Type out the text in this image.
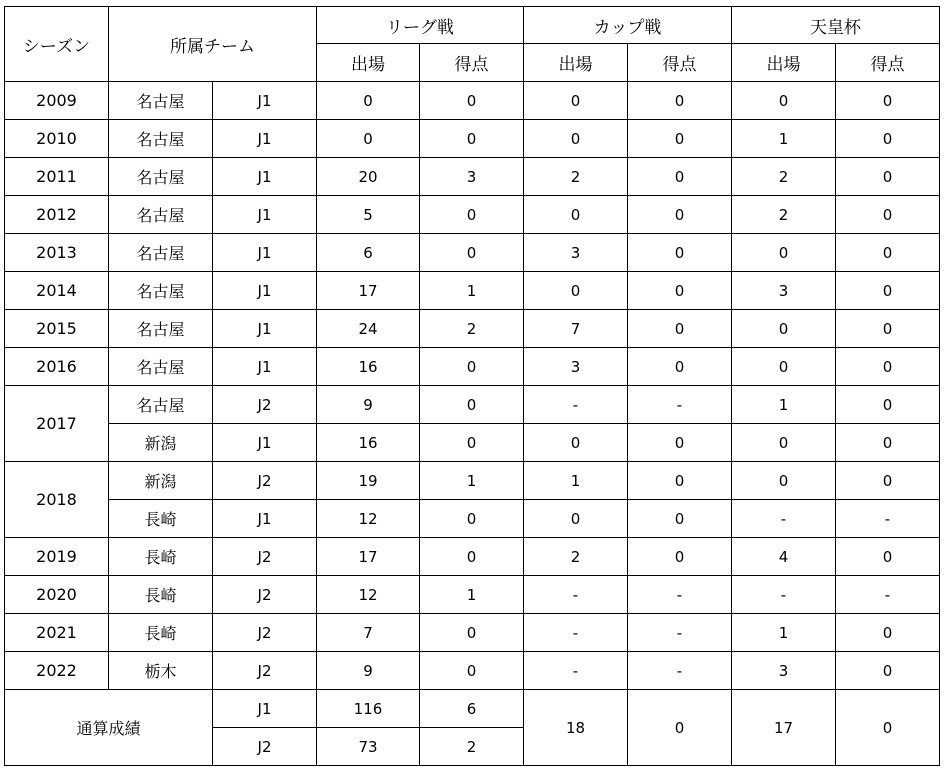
シーズン	所属チーム		リーグ戦		カップ戦		天皇杯	
			出場	得点	出場	得点	出場	得点
2009	名古屋	J1	0	0	0	0	0	0
2010	名古屋	J1	0	0	0	0	1	0
2011	名古屋	J1	20	3	2	0	2	0
2012	名古屋	J1	5	0	0	0	2	0
2013	名古屋	J1	6	0	3	0	0	0
2014	名古屋	J1	17	1	0	0	3	0
2015	名古屋	J1	24	2	7	0	0	0
2016	名古屋	J1	16	0	3	0	0	0
2017	名古屋	J2	9	0	-	-	1	0
	新潟	J1	16	0	0	0	0	0
2018	新潟	J2	19	1	1	0	0	0
	長崎	J1	12	0	0	0	-	-
2019	長崎	J2	17	0	2	0	4	0
2020	長崎	J2	12	1	-	-	-	-
2021	長崎	J2	7	0	-	-	1	0
2022	栃木	J2	9	0	-	-	3	0
通算成績		J1	116	6	18	0	17	0
		J2	73	2				
